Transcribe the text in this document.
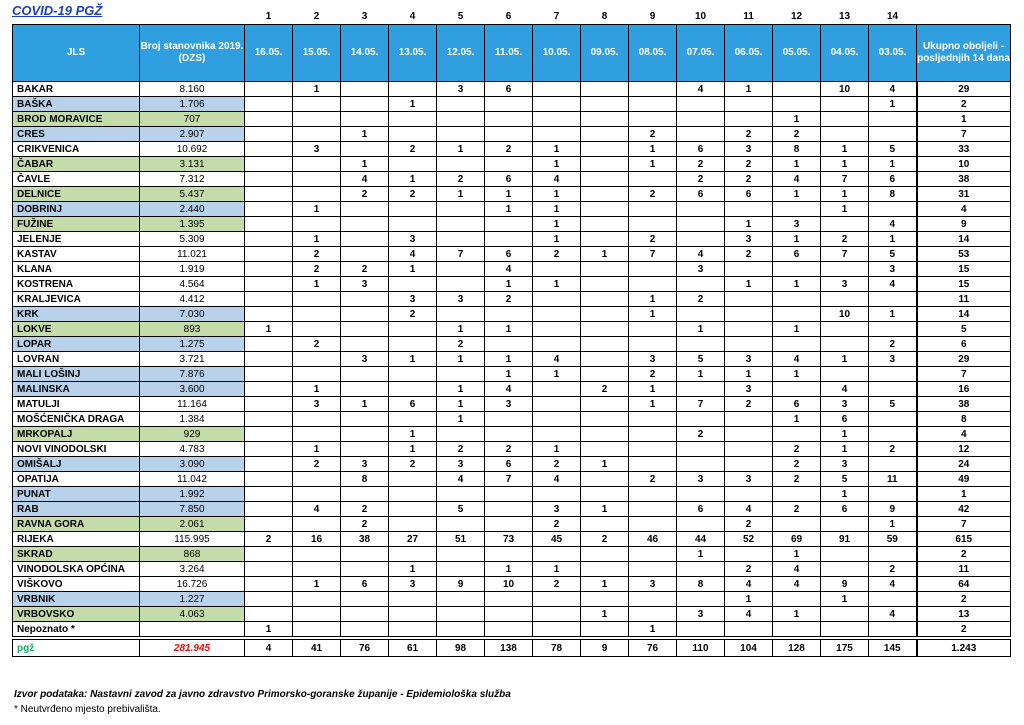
COVID-19 PGŽ
			1	2	3	4	5	6	7	8	9	10	11	12	13	14	
JLS	Broj stanovnika 2019. (DZS)	16.05.	15.05.	14.05.	13.05.	12.05.	11.05.	10.05.	09.05.	08.05.	07.05.	06.05.	05.05.	04.05.	03.05.	Ukupno oboljeli - posljednjih 14 dana
BAKAR	8.160		1			3	6				4	1		10	4	29
BAŠKA	1.706				1										1	2
BROD MORAVICE	707												1			1
CRES	2.907			1						2		2	2			7
CRIKVENICA	10.692		3		2	1	2	1		1	6	3	8	1	5	33
ČABAR	3.131			1				1		1	2	2	1	1	1	10
ČAVLE	7.312			4	1	2	6	4			2	2	4	7	6	38
DELNICE	5.437			2	2	1	1	1		2	6	6	1	1	8	31
DOBRINJ	2.440		1				1	1						1		4
FUŽINE	1.395							1				1	3		4	9
JELENJE	5.309		1		3			1		2		3	1	2	1	14
KASTAV	11.021		2		4	7	6	2	1	7	4	2	6	7	5	53
KLANA	1.919		2	2	1		4				3				3	15
KOSTRENA	4.564		1	3			1	1				1	1	3	4	15
KRALJEVICA	4.412				3	3	2			1	2					11
KRK	7.030				2					1				10	1	14
LOKVE	893	1				1	1				1		1			5
LOPAR	1.275		2			2									2	6
LOVRAN	3.721			3	1	1	1	4		3	5	3	4	1	3	29
MALI LOŠINJ	7.876						1	1		2	1	1	1			7
MALINSKA	3.600		1			1	4		2	1		3		4		16
MATULJI	11.164		3	1	6	1	3			1	7	2	6	3	5	38
MOŠĆENIČKA DRAGA	1.384					1							1	6		8
MRKOPALJ	929				1						2			1		4
NOVI VINODOLSKI	4.783		1		1	2	2	1					2	1	2	12
OMIŠALJ	3.090		2	3	2	3	6	2	1				2	3		24
OPATIJA	11.042			8		4	7	4		2	3	3	2	5	11	49
PUNAT	1.992													1		1
RAB	7.850		4	2		5		3	1		6	4	2	6	9	42
RAVNA GORA	2.061			2				2				2			1	7
RIJEKA	115.995	2	16	38	27	51	73	45	2	46	44	52	69	91	59	615
SKRAD	868										1		1			2
VINODOLSKA OPĆINA	3.264				1		1	1				2	4		2	11
VIŠKOVO	16.726		1	6	3	9	10	2	1	3	8	4	4	9	4	64
VRBNIK	1.227											1		1		2
VRBOVSKO	4.063								1		3	4	1		4	13
Nepoznato *		1								1						2

pgž	281.945	4	41	76	61	98	138	78	9	76	110	104	128	175	145	1.243
Izvor podataka: Nastavni zavod za javno zdravstvo Primorsko-goranske županije - Epidemiološka služba
* Neutvrđeno mjesto prebivališta.
